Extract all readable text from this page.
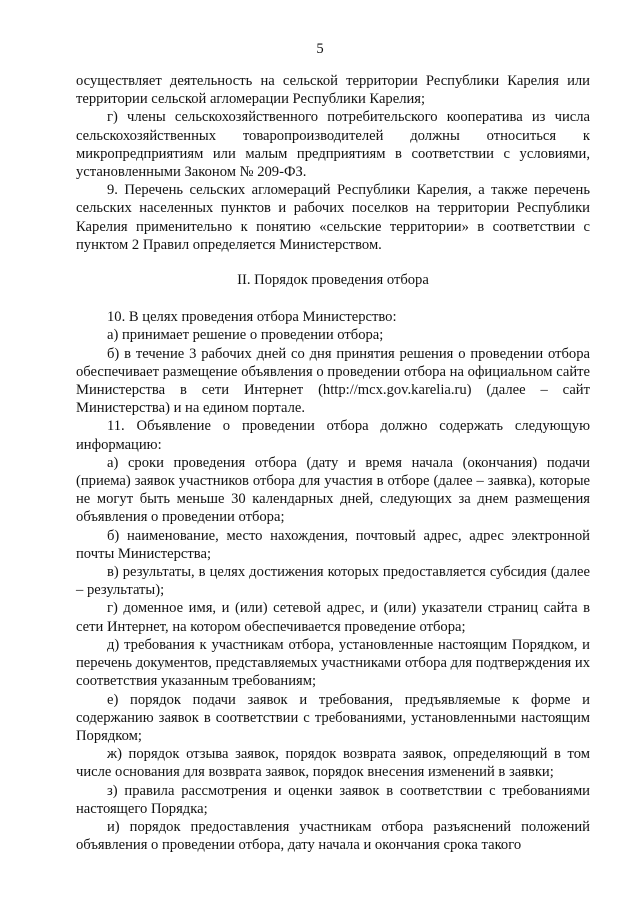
5

осуществляет деятельность на сельской территории Республики Карелия или территории сельской агломерации Республики Карелия;

г) члены сельскохозяйственного потребительского кооператива из числа сельскохозяйственных товаропроизводителей должны относиться к микропредприятиям или малым предприятиям в соответствии с условиями, установленными Законом № 209-ФЗ.

9. Перечень сельских агломераций Республики Карелия, а также перечень сельских населенных пунктов и рабочих поселков на территории Республики Карелия применительно к понятию «сельские территории» в соответствии с пунктом 2 Правил определяется Министерством.

II. Порядок проведения отбора

10. В целях проведения отбора Министерство:

а) принимает решение о проведении отбора;

б) в течение 3 рабочих дней со дня принятия решения о проведении отбора обеспечивает размещение объявления о проведении отбора на официальном сайте Министерства в сети Интернет (http://mcx.gov.karelia.ru) (далее – сайт Министерства) и на едином портале.

11. Объявление о проведении отбора должно содержать следующую информацию:

а) сроки проведения отбора (дату и время начала (окончания) подачи (приема) заявок участников отбора для участия в отборе (далее – заявка), которые не могут быть меньше 30 календарных дней, следующих за днем размещения объявления о проведении отбора;

б) наименование, место нахождения, почтовый адрес, адрес электронной почты Министерства;

в) результаты, в целях достижения которых предоставляется субсидия (далее – результаты);

г) доменное имя, и (или) сетевой адрес, и (или) указатели страниц сайта в сети Интернет, на котором обеспечивается проведение отбора;

д) требования к участникам отбора, установленные настоящим Порядком, и перечень документов, представляемых участниками отбора для подтверждения их соответствия указанным требованиям;

е) порядок подачи заявок и требования, предъявляемые к форме и содержанию заявок в соответствии с требованиями, установленными настоящим Порядком;

ж) порядок отзыва заявок, порядок возврата заявок, определяющий в том числе основания для возврата заявок, порядок внесения изменений в заявки;

з) правила рассмотрения и оценки заявок в соответствии с требованиями настоящего Порядка;

и) порядок предоставления участникам отбора разъяснений положений объявления о проведении отбора, дату начала и окончания срока такого
